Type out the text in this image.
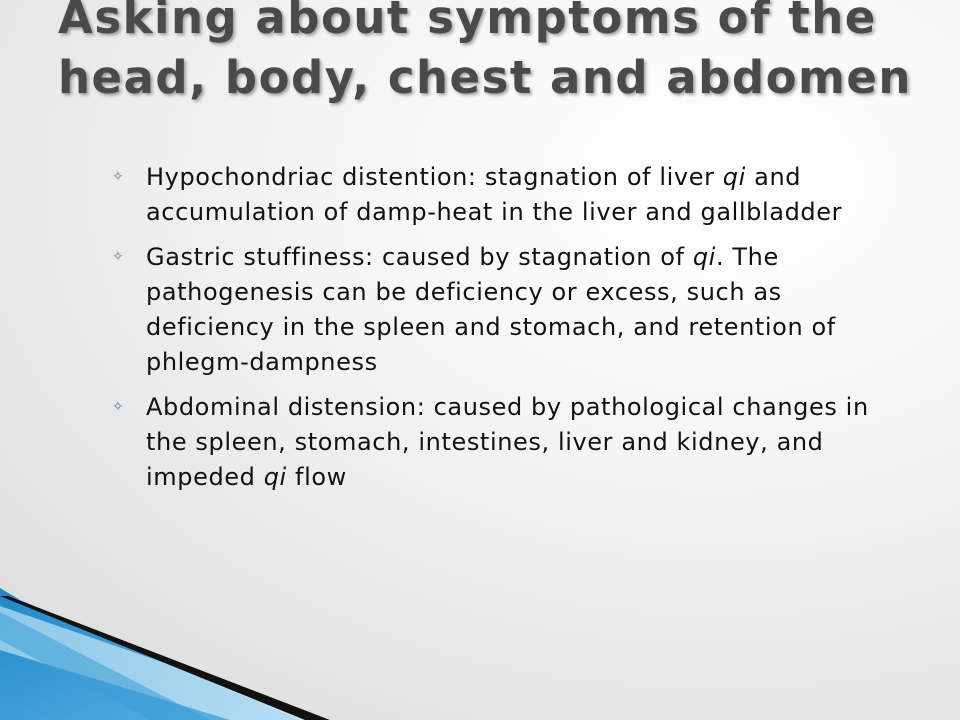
Asking about symptoms of the
head, body, chest and abdomen
✧ Hypochondriac distention: stagnation of liver qi and accumulation of damp-heat in the liver and gallbladder
✧ Gastric stuffiness: caused by stagnation of qi. The pathogenesis can be deficiency or excess, such as deficiency in the spleen and stomach, and retention of phlegm-dampness
✧ Abdominal distension: caused by pathological changes in the spleen, stomach, intestines, liver and kidney, and impeded qi flow
